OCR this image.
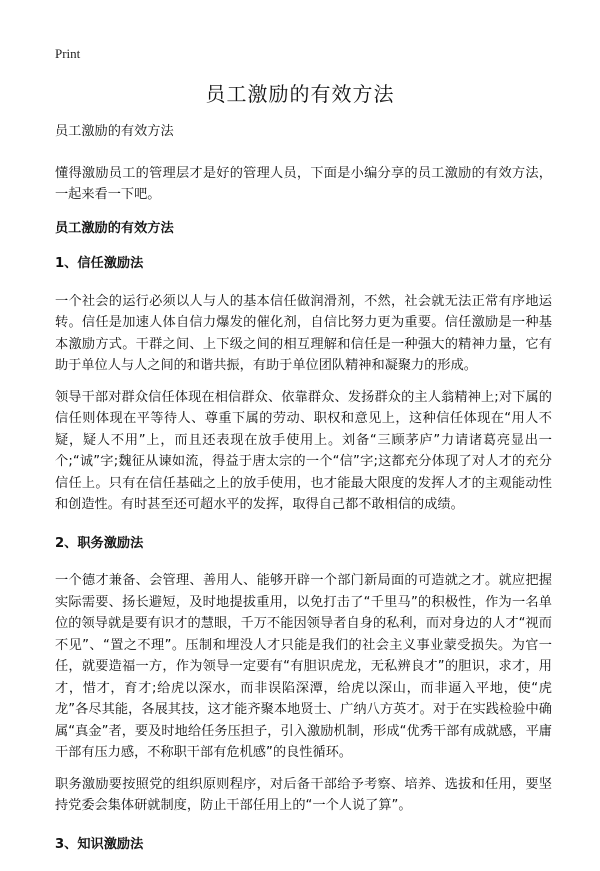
Print
员工激励的有效方法

员工激励的有效方法

懂得激励员工的管理层才是好的管理人员，下面是小编分享的员工激励的有效方法，一起来看一下吧。

员工激励的有效方法

1、信任激励法

一个社会的运行必须以人与人的基本信任做润滑剂，不然，社会就无法正常有序地运转。信任是加速人体自信力爆发的催化剂，自信比努力更为重要。信任激励是一种基本激励方式。干群之间、上下级之间的相互理解和信任是一种强大的精神力量，它有助于单位人与人之间的和谐共振，有助于单位团队精神和凝聚力的形成。

领导干部对群众信任体现在相信群众、依靠群众、发扬群众的主人翁精神上;对下属的信任则体现在平等待人、尊重下属的劳动、职权和意见上，这种信任体现在“用人不疑，疑人不用”上，而且还表现在放手使用上。刘备“三顾茅庐”力请诸葛亮显出一个;“诚”字;魏征从谏如流，得益于唐太宗的一个“信”字;这都充分体现了对人才的充分信任上。只有在信任基础之上的放手使用，也才能最大限度的发挥人才的主观能动性和创造性。有时甚至还可超水平的发挥，取得自己都不敢相信的成绩。

2、职务激励法

一个德才兼备、会管理、善用人、能够开辟一个部门新局面的可造就之才。就应把握实际需要、扬长避短，及时地提拔重用，以免打击了“千里马”的积极性，作为一名单位的领导就是要有识才的慧眼，千万不能因领导者自身的私利，而对身边的人才“视而不见”、“置之不理”。压制和埋没人才只能是我们的社会主义事业蒙受损失。为官一任，就要造福一方，作为领导一定要有“有胆识虎龙，无私辨良才”的胆识，求才，用才，惜才，育才;给虎以深水，而非误陷深潭，给虎以深山，而非逼入平地，使“虎龙”各尽其能，各展其技，这才能齐聚本地贤士、广纳八方英才。对于在实践检验中确属“真金”者，要及时地给任务压担子，引入激励机制，形成“优秀干部有成就感，平庸干部有压力感，不称职干部有危机感”的良性循环。

职务激励要按照党的组织原则程序，对后备干部给予考察、培养、选拔和任用，要坚持党委会集体研就制度，防止干部任用上的“一个人说了算”。

3、知识激励法
